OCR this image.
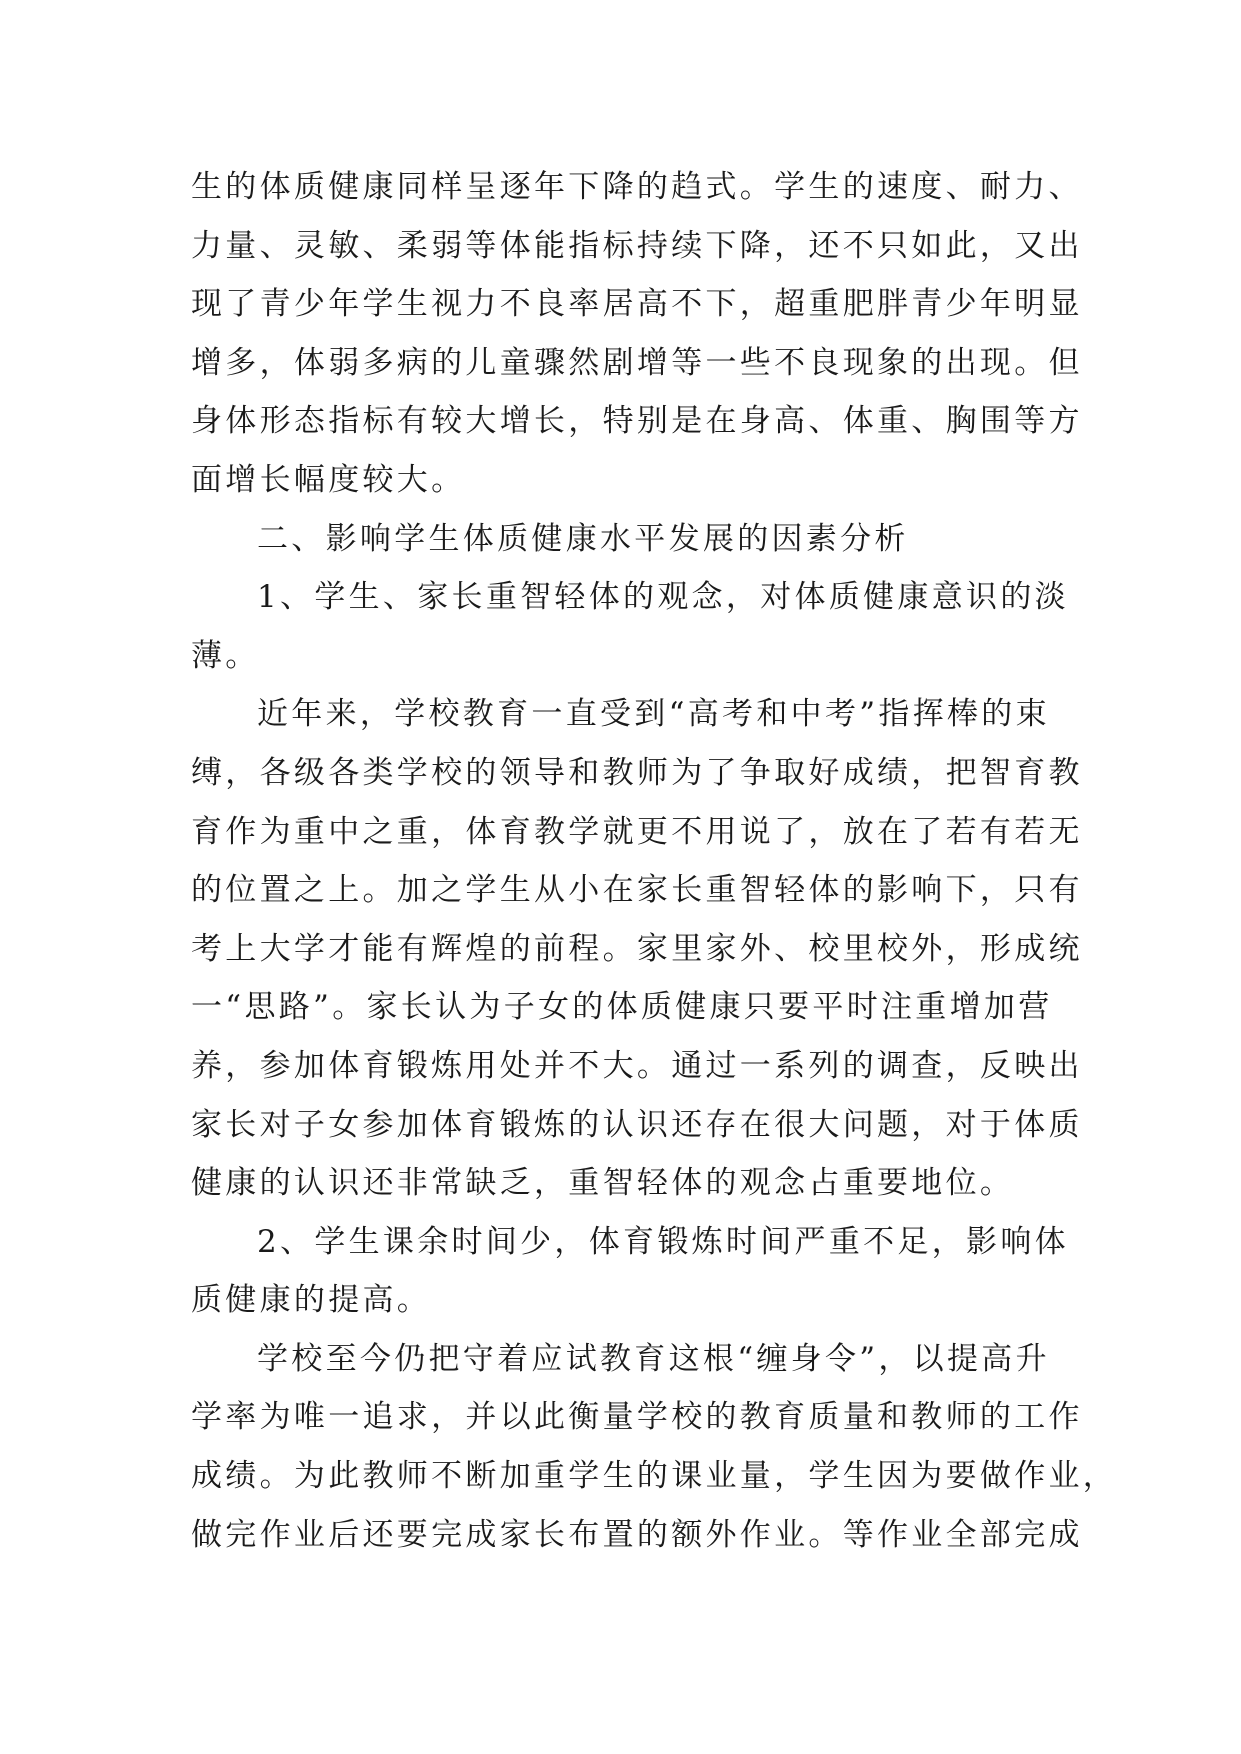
生的体质健康同样呈逐年下降的趋式。学生的速度、耐力、
力量、灵敏、柔弱等体能指标持续下降，还不只如此，又出
现了青少年学生视力不良率居高不下，超重肥胖青少年明显
增多，体弱多病的儿童骤然剧增等一些不良现象的出现。但
身体形态指标有较大增长，特别是在身高、体重、胸围等方
面增长幅度较大。
二、影响学生体质健康水平发展的因素分析
1、学生、家长重智轻体的观念，对体质健康意识的淡
薄。
近年来，学校教育一直受到“高考和中考”指挥棒的束
缚，各级各类学校的领导和教师为了争取好成绩，把智育教
育作为重中之重，体育教学就更不用说了，放在了若有若无
的位置之上。加之学生从小在家长重智轻体的影响下，只有
考上大学才能有辉煌的前程。家里家外、校里校外，形成统
一“思路”。家长认为子女的体质健康只要平时注重增加营
养，参加体育锻炼用处并不大。通过一系列的调查，反映出
家长对子女参加体育锻炼的认识还存在很大问题，对于体质
健康的认识还非常缺乏，重智轻体的观念占重要地位。
2、学生课余时间少，体育锻炼时间严重不足，影响体
质健康的提高。
学校至今仍把守着应试教育这根“缠身令”，以提高升
学率为唯一追求，并以此衡量学校的教育质量和教师的工作
成绩。为此教师不断加重学生的课业量，学生因为要做作业，
做完作业后还要完成家长布置的额外作业。等作业全部完成
